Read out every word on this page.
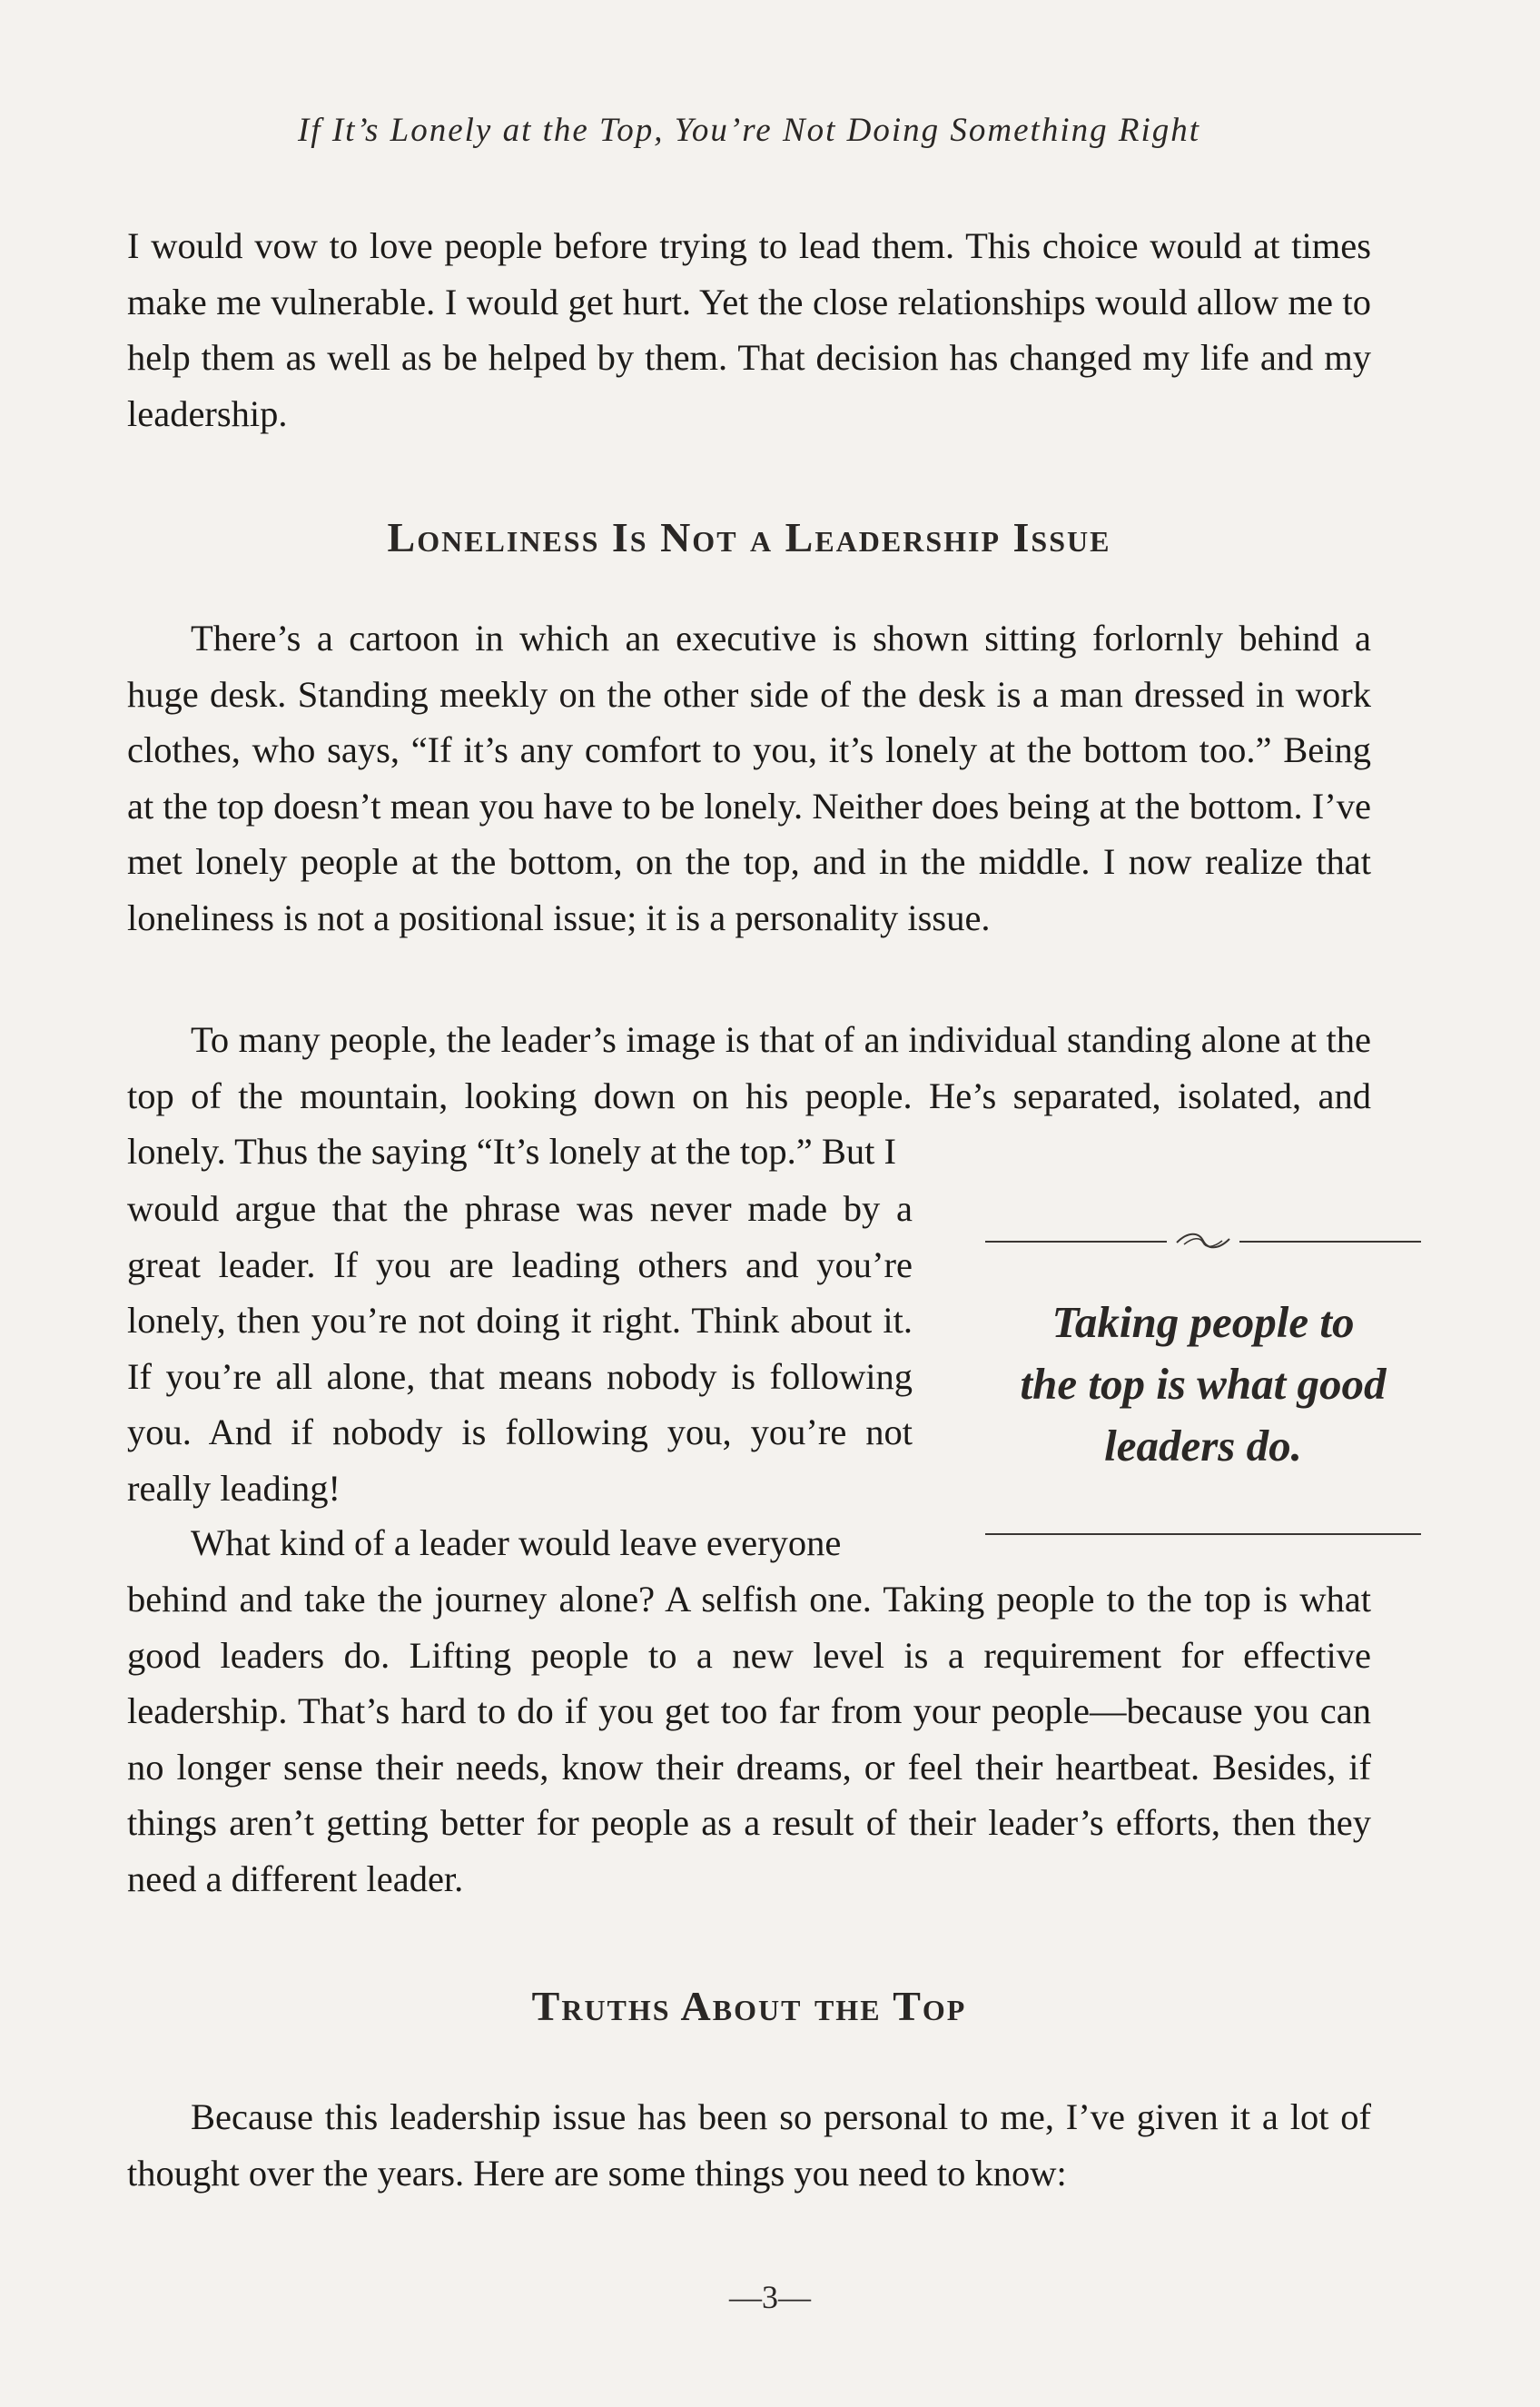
If It’s Lonely at the Top, You’re Not Doing Something Right

I would vow to love people before trying to lead them. This choice would at times make me vulnerable. I would get hurt. Yet the close relationships would allow me to help them as well as be helped by them. That decision has changed my life and my leadership.

Loneliness Is Not a Leadership Issue

There’s a cartoon in which an executive is shown sitting forlornly behind a huge desk. Standing meekly on the other side of the desk is a man dressed in work clothes, who says, “If it’s any comfort to you, it’s lonely at the bottom too.” Being at the top doesn’t mean you have to be lonely. Neither does being at the bottom. I’ve met lonely people at the bottom, on the top, and in the middle. I now realize that loneliness is not a positional issue; it is a personality issue.

To many people, the leader’s image is that of an individual standing alone at the top of the mountain, looking down on his people. He’s separated, isolated, and lonely. Thus the saying “It’s lonely at the top.” But I

would argue that the phrase was never made by a great leader. If you are leading others and you’re lonely, then you’re not doing it right. Think about it. If you’re all alone, that means nobody is following you. And if nobody is following you, you’re not really leading!

What kind of a leader would leave everyone

behind and take the journey alone? A selfish one. Taking people to the top is what good leaders do. Lifting people to a new level is a requirement for effective leadership. That’s hard to do if you get too far from your people—because you can no longer sense their needs, know their dreams, or feel their heartbeat. Besides, if things aren’t getting better for people as a result of their leader’s efforts, then they need a different leader.

Taking people to
the top is what good
leaders do.

Truths About the Top

Because this leadership issue has been so personal to me, I’ve given it a lot of thought over the years. Here are some things you need to know:

—3—
